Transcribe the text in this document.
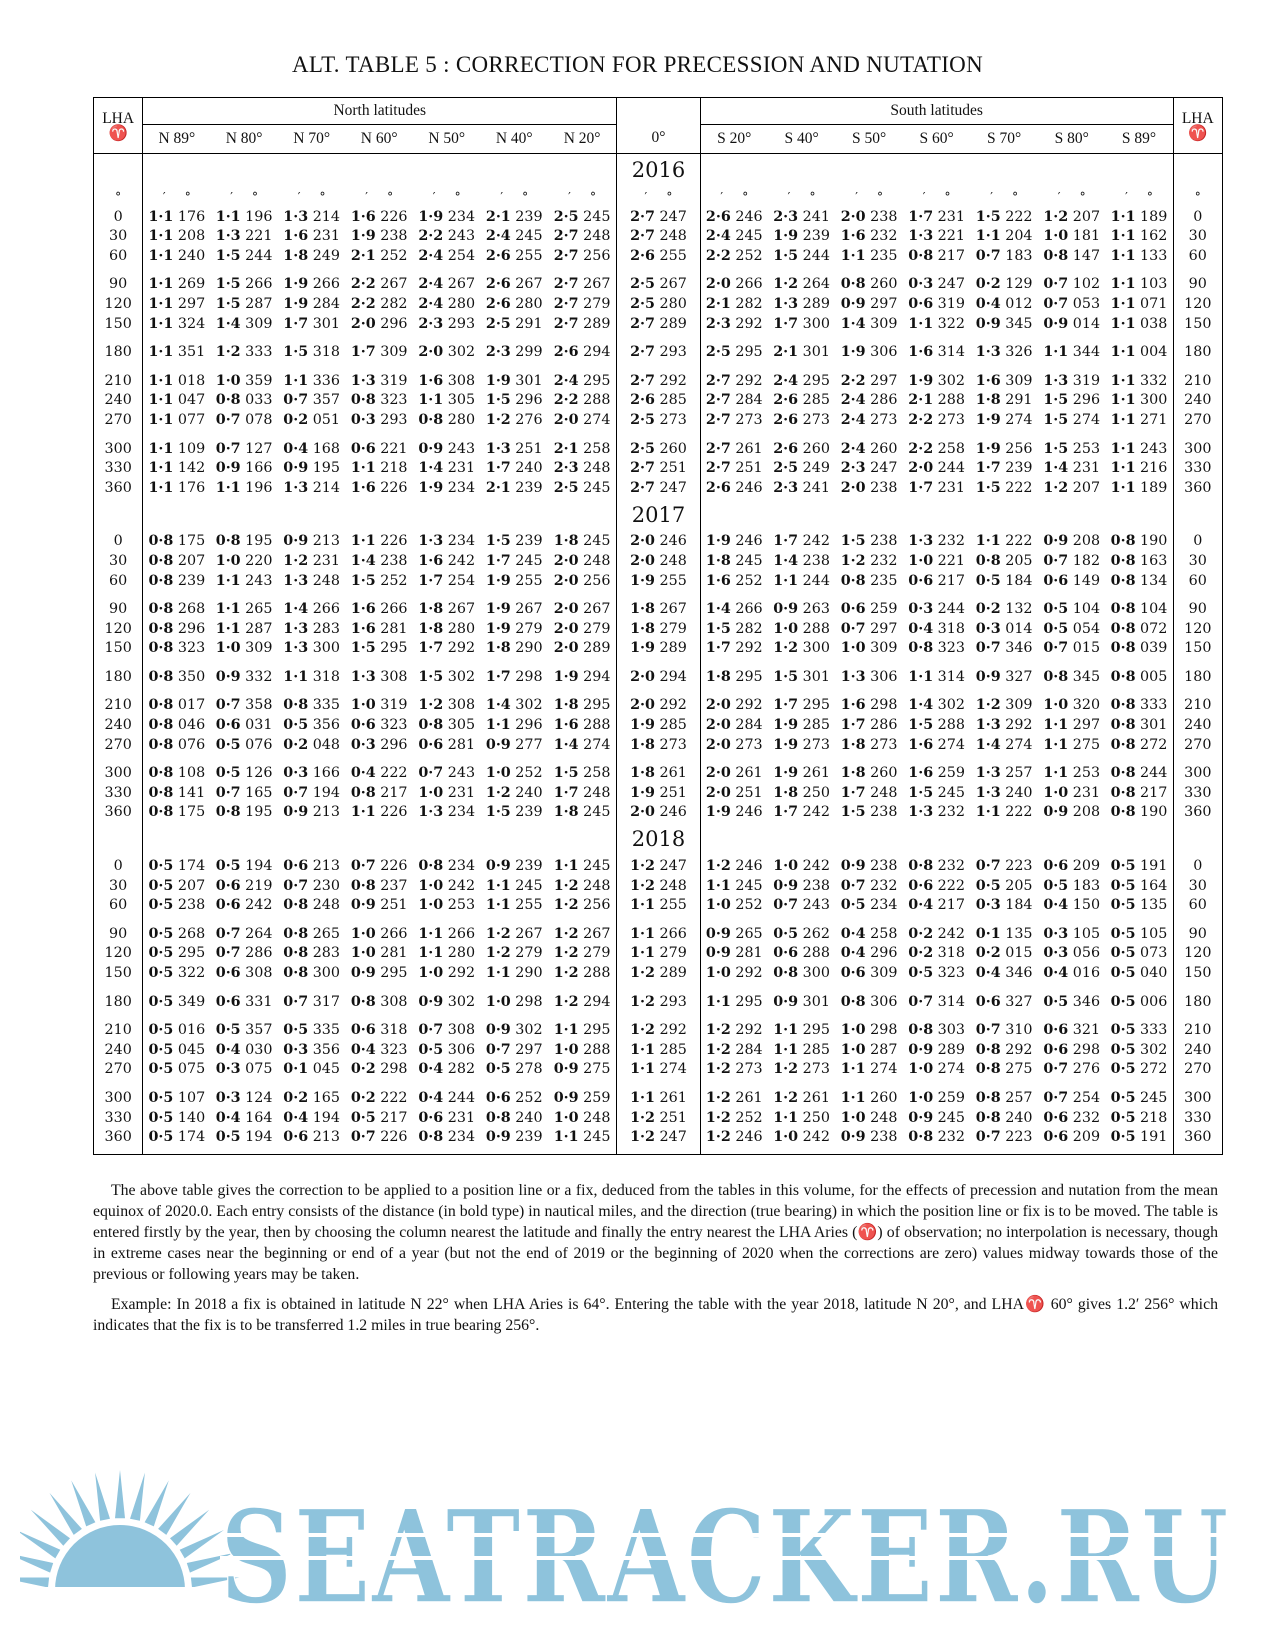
ALT. TABLE 5 : CORRECTION FOR PRECESSION AND NUTATION
LHA
♈	North latitudes							0°	South latitudes							LHA
♈
	N 89°	N 80°	N 70°	N 60°	N 50°	N 40°	N 20°		S 20°	S 40°	S 50°	S 60°	S 70°	S 80°	S 89°	
								2016								
°	′ °	′ °	′ °	′ °	′ °	′ °	′ °	′ °	′ °	′ °	′ °	′ °	′ °	′ °	′ °	°
0	1·1 176	1·1 196	1·3 214	1·6 226	1·9 234	2·1 239	2·5 245	2·7 247	2·6 246	2·3 241	2·0 238	1·7 231	1·5 222	1·2 207	1·1 189	0
30	1·1 208	1·3 221	1·6 231	1·9 238	2·2 243	2·4 245	2·7 248	2·7 248	2·4 245	1·9 239	1·6 232	1·3 221	1·1 204	1·0 181	1·1 162	30
60	1·1 240	1·5 244	1·8 249	2·1 252	2·4 254	2·6 255	2·7 256	2·6 255	2·2 252	1·5 244	1·1 235	0·8 217	0·7 183	0·8 147	1·1 133	60

90	1·1 269	1·5 266	1·9 266	2·2 267	2·4 267	2·6 267	2·7 267	2·5 267	2·0 266	1·2 264	0·8 260	0·3 247	0·2 129	0·7 102	1·1 103	90
120	1·1 297	1·5 287	1·9 284	2·2 282	2·4 280	2·6 280	2·7 279	2·5 280	2·1 282	1·3 289	0·9 297	0·6 319	0·4 012	0·7 053	1·1 071	120
150	1·1 324	1·4 309	1·7 301	2·0 296	2·3 293	2·5 291	2·7 289	2·7 289	2·3 292	1·7 300	1·4 309	1·1 322	0·9 345	0·9 014	1·1 038	150

180	1·1 351	1·2 333	1·5 318	1·7 309	2·0 302	2·3 299	2·6 294	2·7 293	2·5 295	2·1 301	1·9 306	1·6 314	1·3 326	1·1 344	1·1 004	180

210	1·1 018	1·0 359	1·1 336	1·3 319	1·6 308	1·9 301	2·4 295	2·7 292	2·7 292	2·4 295	2·2 297	1·9 302	1·6 309	1·3 319	1·1 332	210
240	1·1 047	0·8 033	0·7 357	0·8 323	1·1 305	1·5 296	2·2 288	2·6 285	2·7 284	2·6 285	2·4 286	2·1 288	1·8 291	1·5 296	1·1 300	240
270	1·1 077	0·7 078	0·2 051	0·3 293	0·8 280	1·2 276	2·0 274	2·5 273	2·7 273	2·6 273	2·4 273	2·2 273	1·9 274	1·5 274	1·1 271	270

300	1·1 109	0·7 127	0·4 168	0·6 221	0·9 243	1·3 251	2·1 258	2·5 260	2·7 261	2·6 260	2·4 260	2·2 258	1·9 256	1·5 253	1·1 243	300
330	1·1 142	0·9 166	0·9 195	1·1 218	1·4 231	1·7 240	2·3 248	2·7 251	2·7 251	2·5 249	2·3 247	2·0 244	1·7 239	1·4 231	1·1 216	330
360	1·1 176	1·1 196	1·3 214	1·6 226	1·9 234	2·1 239	2·5 245	2·7 247	2·6 246	2·3 241	2·0 238	1·7 231	1·5 222	1·2 207	1·1 189	360
								2017								
0	0·8 175	0·8 195	0·9 213	1·1 226	1·3 234	1·5 239	1·8 245	2·0 246	1·9 246	1·7 242	1·5 238	1·3 232	1·1 222	0·9 208	0·8 190	0
30	0·8 207	1·0 220	1·2 231	1·4 238	1·6 242	1·7 245	2·0 248	2·0 248	1·8 245	1·4 238	1·2 232	1·0 221	0·8 205	0·7 182	0·8 163	30
60	0·8 239	1·1 243	1·3 248	1·5 252	1·7 254	1·9 255	2·0 256	1·9 255	1·6 252	1·1 244	0·8 235	0·6 217	0·5 184	0·6 149	0·8 134	60

90	0·8 268	1·1 265	1·4 266	1·6 266	1·8 267	1·9 267	2·0 267	1·8 267	1·4 266	0·9 263	0·6 259	0·3 244	0·2 132	0·5 104	0·8 104	90
120	0·8 296	1·1 287	1·3 283	1·6 281	1·8 280	1·9 279	2·0 279	1·8 279	1·5 282	1·0 288	0·7 297	0·4 318	0·3 014	0·5 054	0·8 072	120
150	0·8 323	1·0 309	1·3 300	1·5 295	1·7 292	1·8 290	2·0 289	1·9 289	1·7 292	1·2 300	1·0 309	0·8 323	0·7 346	0·7 015	0·8 039	150

180	0·8 350	0·9 332	1·1 318	1·3 308	1·5 302	1·7 298	1·9 294	2·0 294	1·8 295	1·5 301	1·3 306	1·1 314	0·9 327	0·8 345	0·8 005	180

210	0·8 017	0·7 358	0·8 335	1·0 319	1·2 308	1·4 302	1·8 295	2·0 292	2·0 292	1·7 295	1·6 298	1·4 302	1·2 309	1·0 320	0·8 333	210
240	0·8 046	0·6 031	0·5 356	0·6 323	0·8 305	1·1 296	1·6 288	1·9 285	2·0 284	1·9 285	1·7 286	1·5 288	1·3 292	1·1 297	0·8 301	240
270	0·8 076	0·5 076	0·2 048	0·3 296	0·6 281	0·9 277	1·4 274	1·8 273	2·0 273	1·9 273	1·8 273	1·6 274	1·4 274	1·1 275	0·8 272	270

300	0·8 108	0·5 126	0·3 166	0·4 222	0·7 243	1·0 252	1·5 258	1·8 261	2·0 261	1·9 261	1·8 260	1·6 259	1·3 257	1·1 253	0·8 244	300
330	0·8 141	0·7 165	0·7 194	0·8 217	1·0 231	1·2 240	1·7 248	1·9 251	2·0 251	1·8 250	1·7 248	1·5 245	1·3 240	1·0 231	0·8 217	330
360	0·8 175	0·8 195	0·9 213	1·1 226	1·3 234	1·5 239	1·8 245	2·0 246	1·9 246	1·7 242	1·5 238	1·3 232	1·1 222	0·9 208	0·8 190	360
								2018								
0	0·5 174	0·5 194	0·6 213	0·7 226	0·8 234	0·9 239	1·1 245	1·2 247	1·2 246	1·0 242	0·9 238	0·8 232	0·7 223	0·6 209	0·5 191	0
30	0·5 207	0·6 219	0·7 230	0·8 237	1·0 242	1·1 245	1·2 248	1·2 248	1·1 245	0·9 238	0·7 232	0·6 222	0·5 205	0·5 183	0·5 164	30
60	0·5 238	0·6 242	0·8 248	0·9 251	1·0 253	1·1 255	1·2 256	1·1 255	1·0 252	0·7 243	0·5 234	0·4 217	0·3 184	0·4 150	0·5 135	60

90	0·5 268	0·7 264	0·8 265	1·0 266	1·1 266	1·2 267	1·2 267	1·1 266	0·9 265	0·5 262	0·4 258	0·2 242	0·1 135	0·3 105	0·5 105	90
120	0·5 295	0·7 286	0·8 283	1·0 281	1·1 280	1·2 279	1·2 279	1·1 279	0·9 281	0·6 288	0·4 296	0·2 318	0·2 015	0·3 056	0·5 073	120
150	0·5 322	0·6 308	0·8 300	0·9 295	1·0 292	1·1 290	1·2 288	1·2 289	1·0 292	0·8 300	0·6 309	0·5 323	0·4 346	0·4 016	0·5 040	150

180	0·5 349	0·6 331	0·7 317	0·8 308	0·9 302	1·0 298	1·2 294	1·2 293	1·1 295	0·9 301	0·8 306	0·7 314	0·6 327	0·5 346	0·5 006	180

210	0·5 016	0·5 357	0·5 335	0·6 318	0·7 308	0·9 302	1·1 295	1·2 292	1·2 292	1·1 295	1·0 298	0·8 303	0·7 310	0·6 321	0·5 333	210
240	0·5 045	0·4 030	0·3 356	0·4 323	0·5 306	0·7 297	1·0 288	1·1 285	1·2 284	1·1 285	1·0 287	0·9 289	0·8 292	0·6 298	0·5 302	240
270	0·5 075	0·3 075	0·1 045	0·2 298	0·4 282	0·5 278	0·9 275	1·1 274	1·2 273	1·2 273	1·1 274	1·0 274	0·8 275	0·7 276	0·5 272	270

300	0·5 107	0·3 124	0·2 165	0·2 222	0·4 244	0·6 252	0·9 259	1·1 261	1·2 261	1·2 261	1·1 260	1·0 259	0·8 257	0·7 254	0·5 245	300
330	0·5 140	0·4 164	0·4 194	0·5 217	0·6 231	0·8 240	1·0 248	1·2 251	1·2 252	1·1 250	1·0 248	0·9 245	0·8 240	0·6 232	0·5 218	330
360	0·5 174	0·5 194	0·6 213	0·7 226	0·8 234	0·9 239	1·1 245	1·2 247	1·2 246	1·0 242	0·9 238	0·8 232	0·7 223	0·6 209	0·5 191	360

The above table gives the correction to be applied to a position line or a fix, deduced from the tables in this volume, for the effects of precession and nutation from the mean equinox of 2020.0. Each entry consists of the distance (in bold type) in nautical miles, and the direction (true bearing) in which the position line or fix is to be moved. The table is entered firstly by the year, then by choosing the column nearest the latitude and finally the entry nearest the LHA Aries (♈) of observation; no interpolation is necessary, though in extreme cases near the beginning or end of a year (but not the end of 2019 or the beginning of 2020 when the corrections are zero) values midway towards those of the previous or following years may be taken.

Example: In 2018 a fix is obtained in latitude N 22° when LHA Aries is 64°. Entering the table with the year 2018, latitude N 20°, and LHA♈ 60° gives 1.2′ 256° which indicates that the fix is to be transferred 1.2 miles in true bearing 256°.

SEATRACKER.RU
